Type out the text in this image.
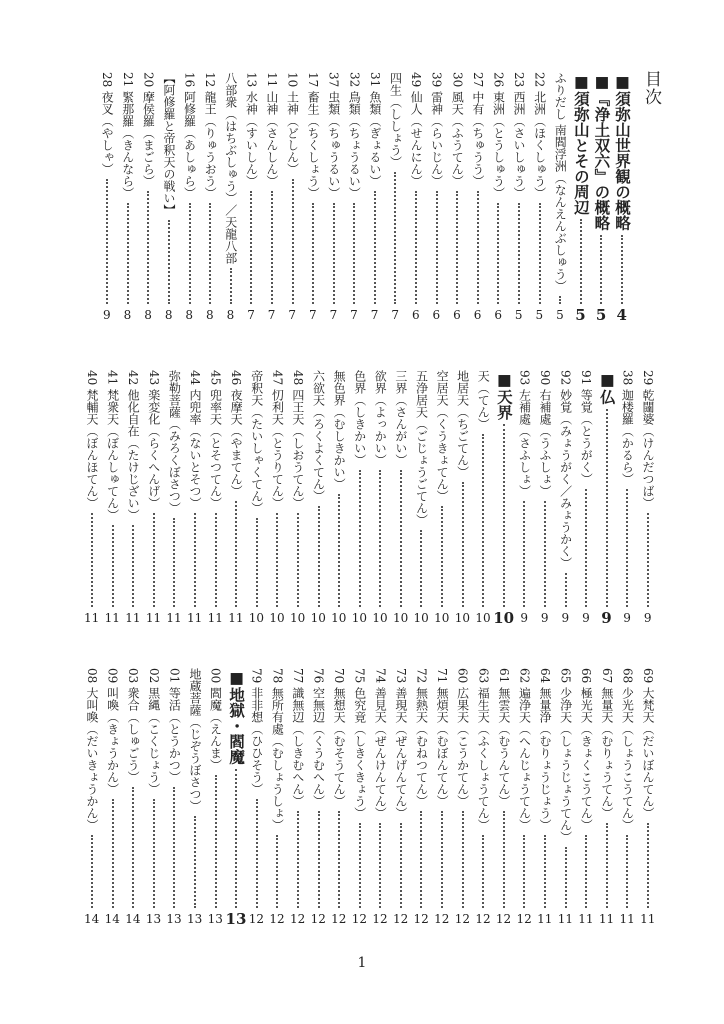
目次
■須弥山世界観の概略
4
■『浄土双六』の概略
5
■須弥山とその周辺
5
ふりだし 南閻浮洲（なんえんぶしゅう）
5
22 北洲（ほくしゅう）
5
23 西洲（さいしゅう）
5
26 東洲（とうしゅう）
6
27 中有（ちゅうう）
6
30 風天（ふうてん）
6
39 雷神（らいじん）
6
49 仙人（せんにん）
6
四生（ししょう）
7
31 魚類（ぎょるい）
7
32 鳥類（ちょうるい）
7
37 虫類（ちゅうるい）
7
17 畜生（ちくしょう）
7
10 土神（どしん）
7
11 山神（さんしん）
7
13 水神（すいしん）
7
八部衆（はちぶしゅう）／天龍八部
8
12 龍王（りゅうおう）
8
16 阿修羅（あしゅら）
8
【阿修羅と帝釈天の戦い】
8
20 摩侯羅（まごら）
8
21 緊那羅（きんなら）
8
28 夜叉（やしゃ）
9
29 乾闥婆（けんだつば）
9
38 迦楼羅（かるら）
9
■仏
9
91 等覚（とうがく）
9
92 妙覚（みょうがく／みょうかく）
9
90 右補處（うふしょ）
9
93 左補處（さふしょ）
9
■天界
10
天（てん）
10
地居天（ちごてん）
10
空居天（くうきょてん）
10
五浄居天（ごじょうごてん）
10
三界（さんがい）
10
欲界（よっかい）
10
色界（しきかい）
10
無色界（むしきかい）
10
六欲天（ろくよくてん）
10
48 四王天（しおうてん）
10
47 忉利天（とうりてん）
10
帝釈天（たいしゃくてん）
10
46 夜摩天（やまてん）
11
45 兜率天（とそつてん）
11
44 内兜率（ないとそつ）
11
弥勒菩薩（みろくぼさつ）
11
43 楽変化（らくへんげ）
11
42 他化自在（たけじざい）
11
41 梵衆天（ぼんしゅてん）
11
40 梵輔天（ぼんほてん）
11
69 大梵天（だいぼんてん）
11
68 少光天（しょうこうてん）
11
67 無量天（むりょうてん）
11
66 極光天（きょくこうてん）
11
65 少浄天（しょうじょうてん）
11
64 無量浄（むりょうじょう）
11
62 遍浄天（へんじょうてん）
12
61 無雲天（むうんてん）
12
63 福生天（ふくしょうてん）
12
60 広果天（こうかてん）
12
71 無煩天（むぼんてん）
12
72 無熱天（むねつてん）
12
73 善現天（ぜんげんてん）
12
74 善見天（ぜんけんてん）
12
75 色究竟（しきくきょう）
12
70 無想天（むそうてん）
12
76 空無辺（くうむへん）
12
77 識無辺（しきむへん）
12
78 無所有處（むしょうしょ）
12
79 非非想（ひひそう）
12
■地獄・閻魔
13
00 閻魔（えんま）
13
地蔵菩薩（じぞうぼさつ）
13
01 等活（とうかつ）
13
02 黒縄（こくじょう）
13
03 衆合（しゅごう）
14
09 叫喚（きょうかん）
14
08 大叫喚（だいきょうかん）
14
1
